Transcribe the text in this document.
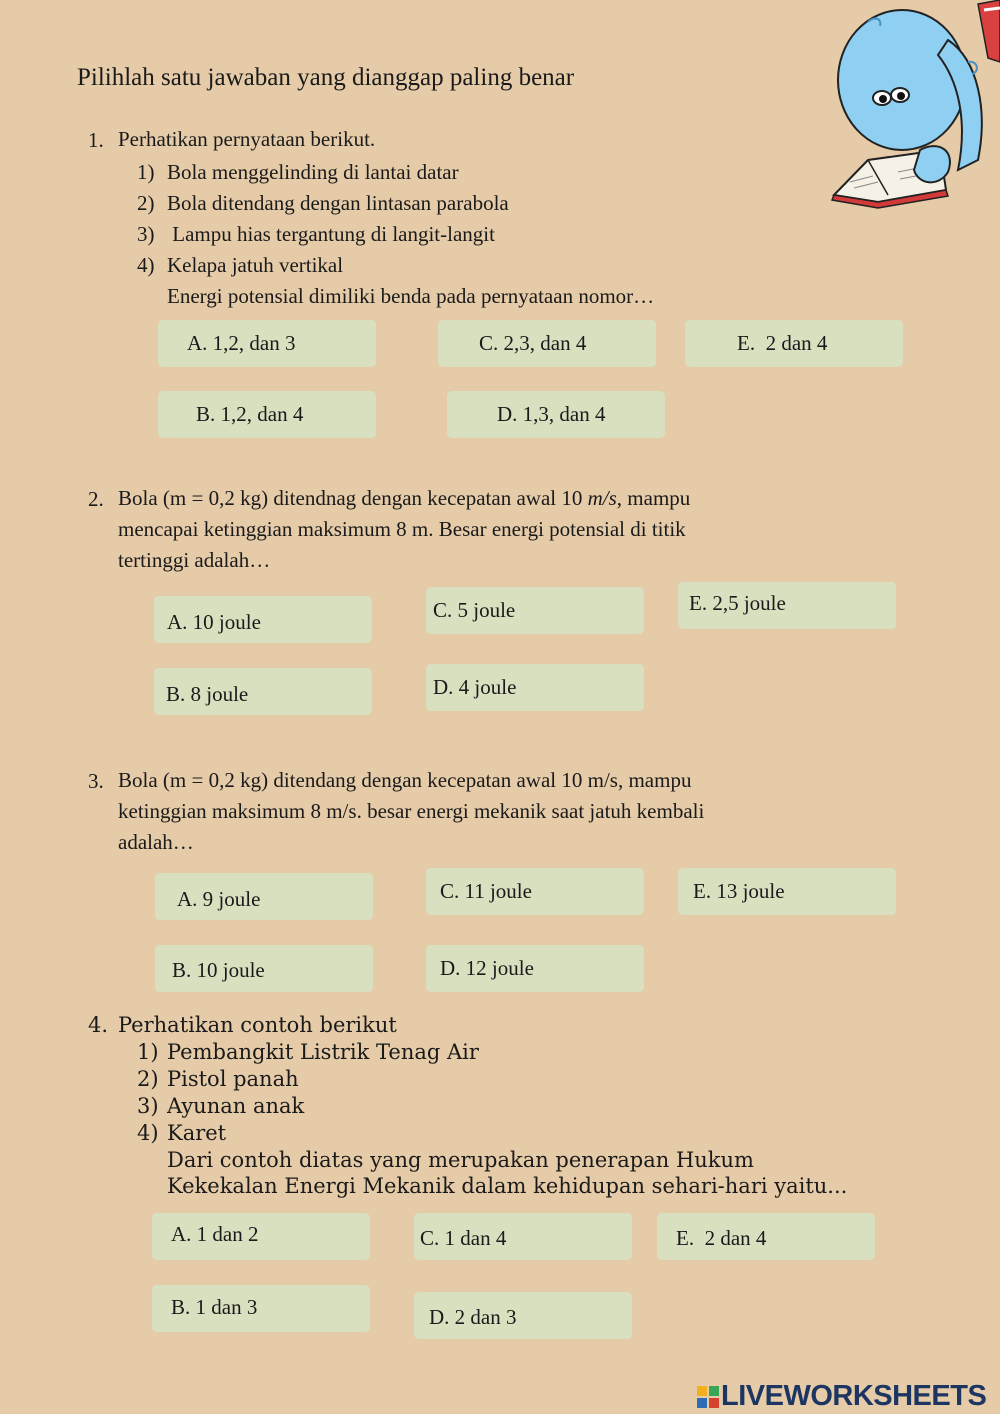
Pilihlah satu jawaban yang dianggap paling benar
1. Perhatikan pernyataan berikut.
1) Bola menggelinding di lantai datar
2) Bola ditendang dengan lintasan parabola
3) Lampu hias tergantung di langit-langit
4) Kelapa jatuh vertikal
Energi potensial dimiliki benda pada pernyataan nomor…
A. 1,2, dan 3	C. 2,3, dan 4	E.  2 dan 4
B. 1,2, dan 4	D. 1,3, dan 4
2. Bola (m = 0,2 kg) ditendnag dengan kecepatan awal 10 m/s, mampu
mencapai ketinggian maksimum 8 m. Besar energi potensial di titik
tertinggi adalah…
A. 10 joule	C. 5 joule	E. 2,5 joule
B. 8 joule	D. 4 joule
3. Bola (m = 0,2 kg) ditendang dengan kecepatan awal 10 m/s, mampu
ketinggian maksimum 8 m/s. besar energi mekanik saat jatuh kembali
adalah…
A. 9 joule	C. 11 joule	E. 13 joule
B. 10 joule	D. 12 joule
4. Perhatikan contoh berikut
1) Pembangkit Listrik Tenag Air
2) Pistol panah
3) Ayunan anak
4) Karet
Dari contoh diatas yang merupakan penerapan Hukum
Kekekalan Energi Mekanik dalam kehidupan sehari-hari yaitu...
A. 1 dan 2	C. 1 dan 4	E.  2 dan 4
B. 1 dan 3	D. 2 dan 3
LIVEWORKSHEETS
